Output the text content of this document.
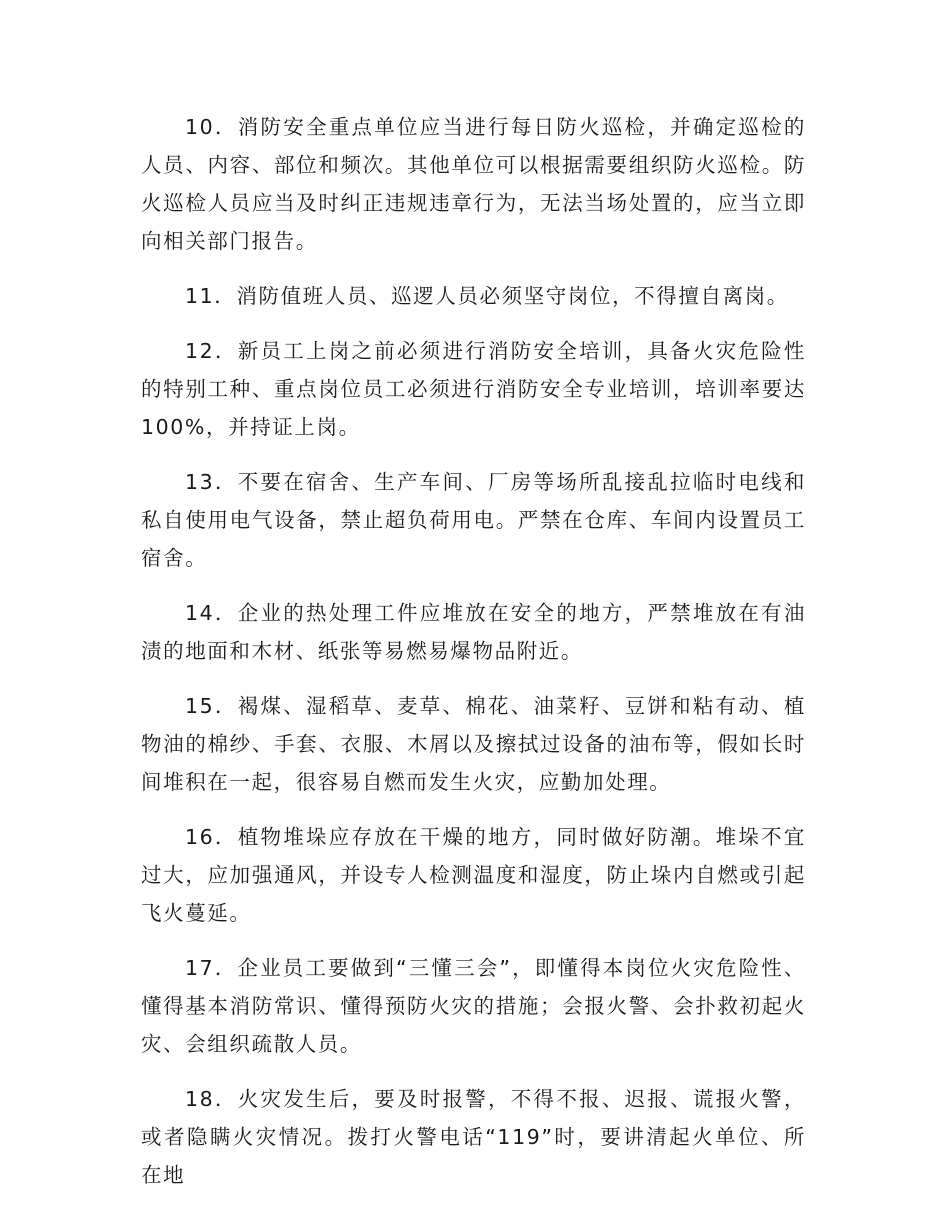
10．消防安全重点单位应当进行每日防火巡检，并确定巡检的人员、内容、部位和频次。其他单位可以根据需要组织防火巡检。防火巡检人员应当及时纠正违规违章行为，无法当场处置的，应当立即向相关部门报告。

11．消防值班人员、巡逻人员必须坚守岗位，不得擅自离岗。

12．新员工上岗之前必须进行消防安全培训，具备火灾危险性的特别工种、重点岗位员工必须进行消防安全专业培训，培训率要达100%，并持证上岗。

13．不要在宿舍、生产车间、厂房等场所乱接乱拉临时电线和私自使用电气设备，禁止超负荷用电。严禁在仓库、车间内设置员工宿舍。

14．企业的热处理工件应堆放在安全的地方，严禁堆放在有油渍的地面和木材、纸张等易燃易爆物品附近。

15．褐煤、湿稻草、麦草、棉花、油菜籽、豆饼和粘有动、植物油的棉纱、手套、衣服、木屑以及擦拭过设备的油布等，假如长时间堆积在一起，很容易自燃而发生火灾，应勤加处理。

16．植物堆垛应存放在干燥的地方，同时做好防潮。堆垛不宜过大，应加强通风，并设专人检测温度和湿度，防止垛内自燃或引起飞火蔓延。

17．企业员工要做到“三懂三会”，即懂得本岗位火灾危险性、懂得基本消防常识、懂得预防火灾的措施；会报火警、会扑救初起火灾、会组织疏散人员。

18．火灾发生后，要及时报警，不得不报、迟报、谎报火警，或者隐瞒火灾情况。拨打火警电话“119”时，要讲清起火单位、所在地
